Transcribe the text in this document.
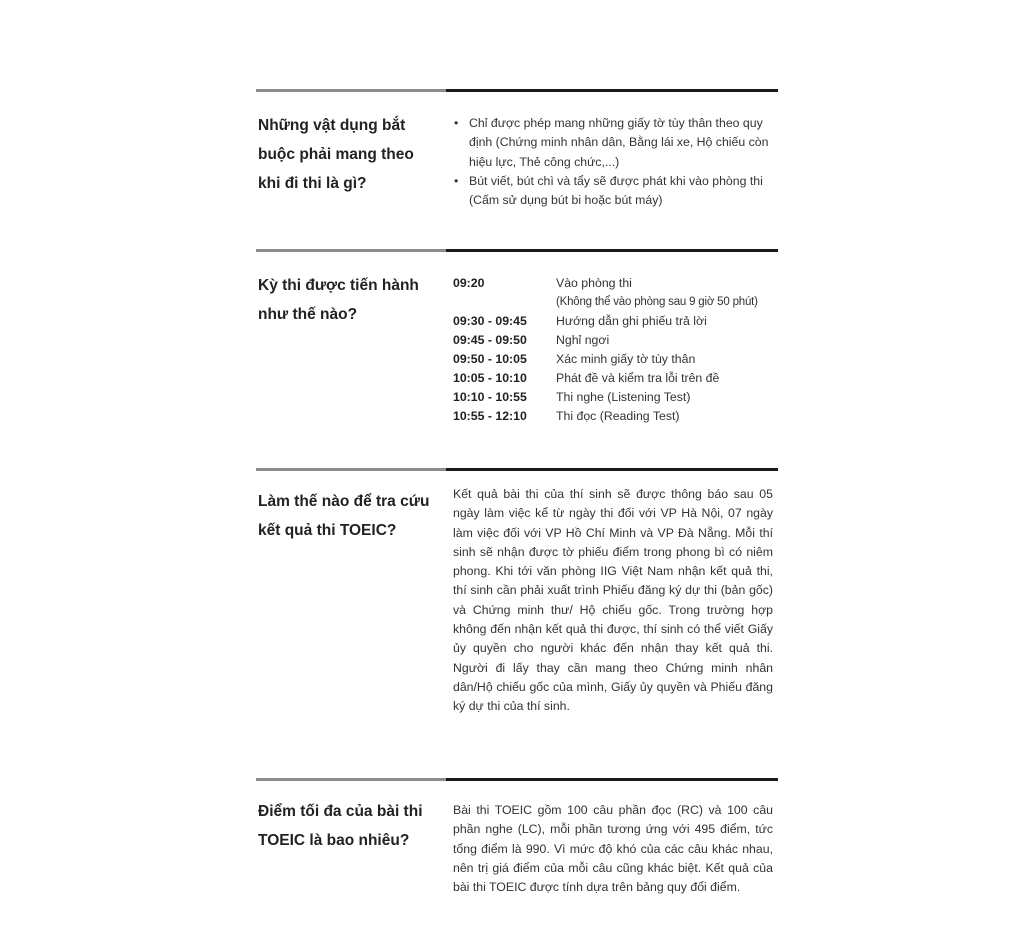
Những vật dụng bắt buộc phải mang theo khi đi thi là gì?
• Chỉ được phép mang những giấy tờ tùy thân theo quy định (Chứng minh nhân dân, Bằng lái xe, Hộ chiếu còn hiệu lực, Thẻ công chức,...)
• Bút viết, bút chì và tẩy sẽ được phát khi vào phòng thi (Cấm sử dụng bút bi hoặc bút máy)
Kỳ thi được tiến hành như thế nào?
09:20	Vào phòng thi
(Không thể vào phòng sau 9 giờ 50 phút)
09:30 - 09:45	Hướng dẫn ghi phiếu trả lời
09:45 - 09:50	Nghỉ ngơi
09:50 - 10:05	Xác minh giấy tờ tùy thân
10:05 - 10:10	Phát đề và kiểm tra lỗi trên đề
10:10 - 10:55	Thi nghe (Listening Test)
10:55 - 12:10	Thi đọc (Reading Test)
Làm thế nào để tra cứu kết quả thi TOEIC?

Kết quả bài thi của thí sinh sẽ được thông báo sau 05 ngày làm việc kể từ ngày thi đối với VP Hà Nội, 07 ngày làm việc đối với VP Hồ Chí Minh và VP Đà Nẵng. Mỗi thí sinh sẽ nhận được tờ phiếu điểm trong phong bì có niêm phong. Khi tới văn phòng IIG Việt Nam nhận kết quả thi, thí sinh cần phải xuất trình Phiếu đăng ký dự thi (bản gốc) và Chứng minh thư/ Hộ chiếu gốc. Trong trường hợp không đến nhận kết quả thi được, thí sinh có thể viết Giấy ủy quyền cho người khác đến nhận thay kết quả thi. Người đi lấy thay cần mang theo Chứng minh nhân dân/Hộ chiếu gốc của mình, Giấy ủy quyền và Phiếu đăng ký dự thi của thí sinh.

Điểm tối đa của bài thi TOEIC là bao nhiêu?

Bài thi TOEIC gồm 100 câu phần đọc (RC) và 100 câu phần nghe (LC), mỗi phần tương ứng với 495 điểm, tức tổng điểm là 990. Vì mức độ khó của các câu khác nhau, nên trị giá điểm của mỗi câu cũng khác biệt. Kết quả của bài thi TOEIC được tính dựa trên bảng quy đổi điểm.
